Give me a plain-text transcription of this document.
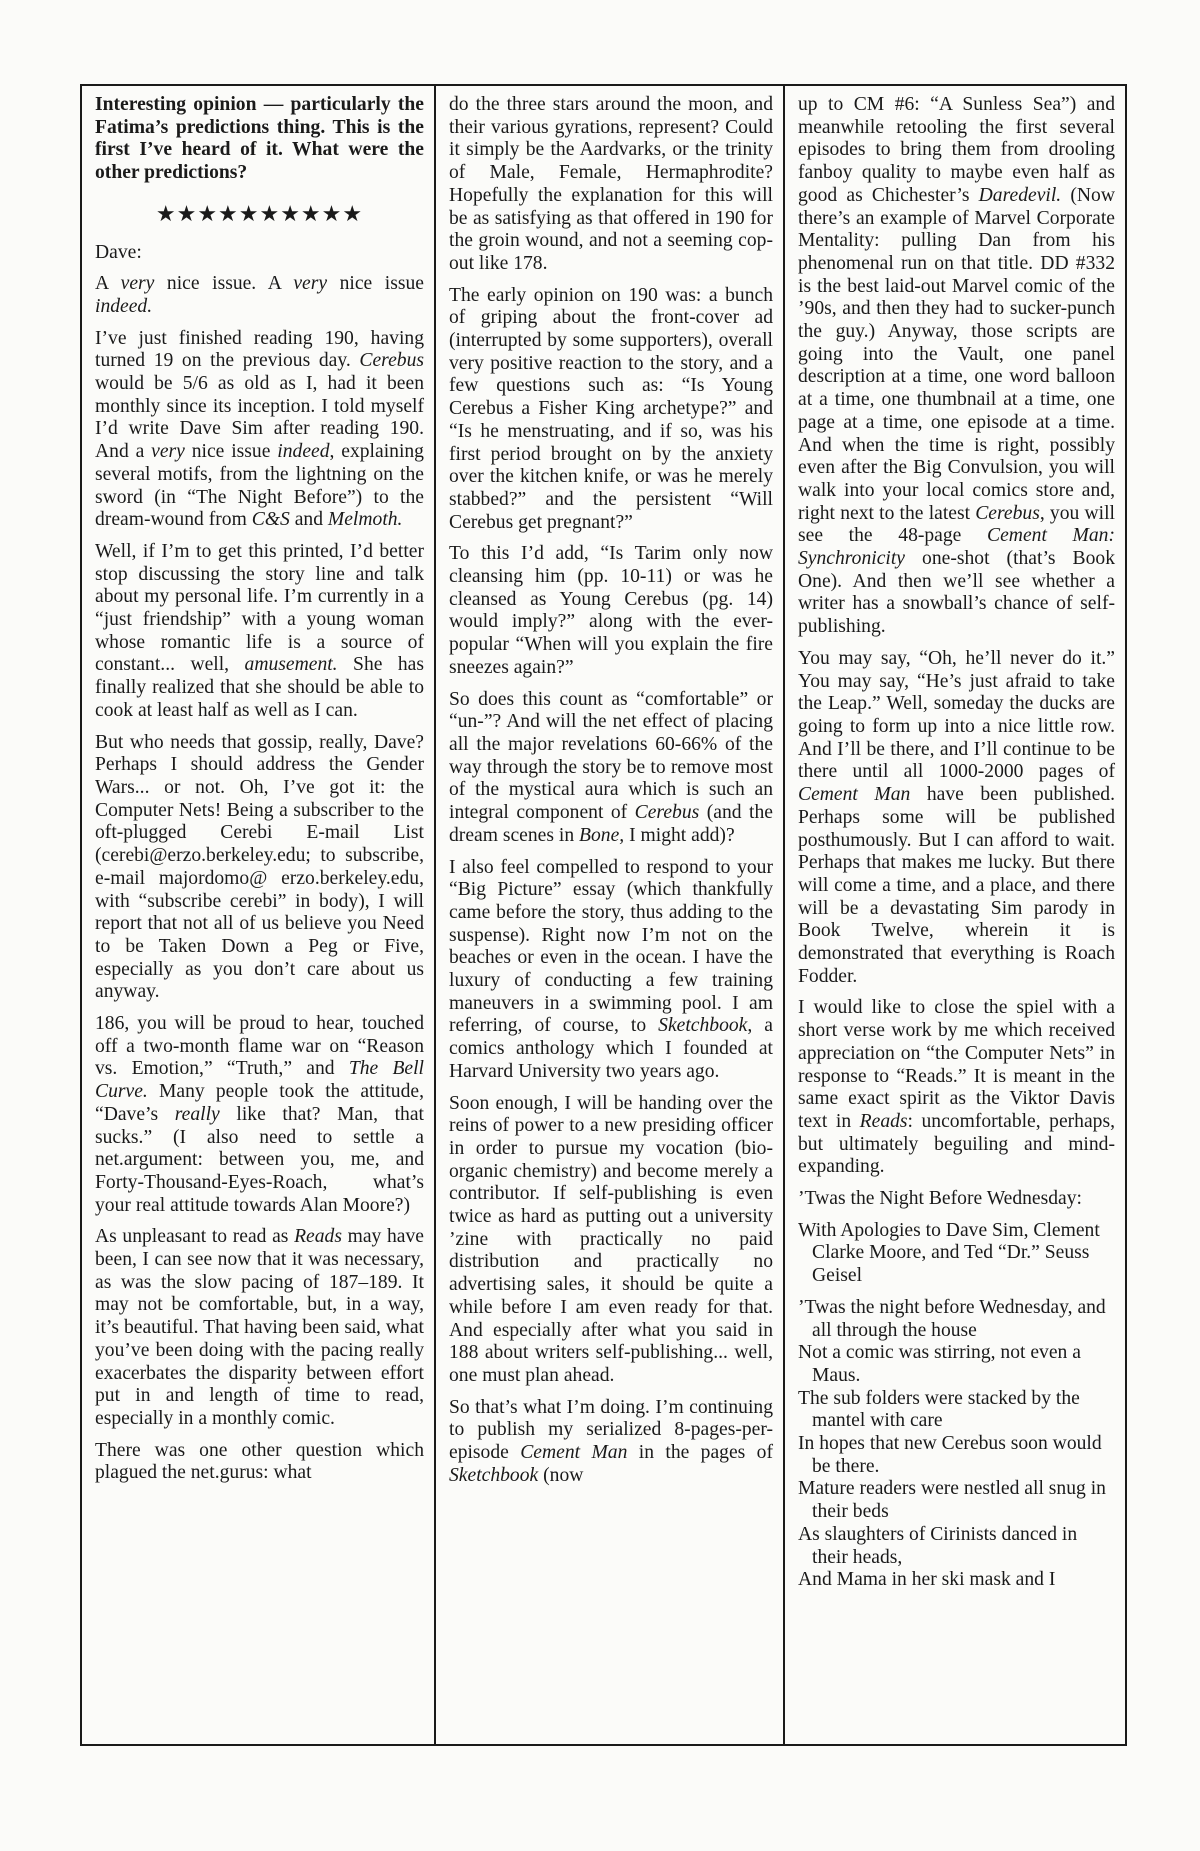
Interesting opinion — particularly the Fatima’s predictions thing. This is the first I’ve heard of it. What were the other predictions?

★★★★★★★★★★

Dave:

A very nice issue. A very nice issue indeed.

I’ve just finished reading 190, having turned 19 on the previous day. Cerebus would be 5/6 as old as I, had it been monthly since its inception. I told myself I’d write Dave Sim after reading 190. And a very nice issue indeed, explaining several motifs, from the lightning on the sword (in “The Night Before”) to the dream-wound from C&S and Melmoth.

Well, if I’m to get this printed, I’d better stop discussing the story line and talk about my personal life. I’m currently in a “just friendship” with a young woman whose romantic life is a source of constant... well, amusement. She has finally realized that she should be able to cook at least half as well as I can.

But who needs that gossip, really, Dave? Perhaps I should address the Gender Wars... or not. Oh, I’ve got it: the Computer Nets! Being a subscriber to the oft-plugged Cerebi E-mail List (cerebi@erzo.berkeley.edu; to subscribe, e-mail majordomo@ erzo.berkeley.edu, with “subscribe cerebi” in body), I will report that not all of us believe you Need to be Taken Down a Peg or Five, especially as you don’t care about us anyway.

186, you will be proud to hear, touched off a two-month flame war on “Reason vs. Emotion,” “Truth,” and The Bell Curve. Many people took the attitude, “Dave’s really like that? Man, that sucks.” (I also need to settle a net.argument: between you, me, and Forty-Thousand-Eyes-Roach, what’s your real attitude towards Alan Moore?)

As unpleasant to read as Reads may have been, I can see now that it was necessary, as was the slow pacing of 187–189. It may not be comfortable, but, in a way, it’s beautiful. That having been said, what you’ve been doing with the pacing really exacerbates the disparity between effort put in and length of time to read, especially in a monthly comic.

There was one other question which plagued the net.gurus: what

do the three stars around the moon, and their various gyrations, represent? Could it simply be the Aardvarks, or the trinity of Male, Female, Hermaphrodite? Hopefully the explanation for this will be as satisfying as that offered in 190 for the groin wound, and not a seeming cop-out like 178.

The early opinion on 190 was: a bunch of griping about the front-cover ad (interrupted by some supporters), overall very positive reaction to the story, and a few questions such as: “Is Young Cerebus a Fisher King archetype?” and “Is he menstruating, and if so, was his first period brought on by the anxiety over the kitchen knife, or was he merely stabbed?” and the persistent “Will Cerebus get pregnant?”

To this I’d add, “Is Tarim only now cleansing him (pp. 10-11) or was he cleansed as Young Cerebus (pg. 14) would imply?” along with the ever-popular “When will you explain the fire sneezes again?”

So does this count as “comfortable” or “un-”? And will the net effect of placing all the major revelations 60-66% of the way through the story be to remove most of the mystical aura which is such an integral component of Cerebus (and the dream scenes in Bone, I might add)?

I also feel compelled to respond to your “Big Picture” essay (which thankfully came before the story, thus adding to the suspense). Right now I’m not on the beaches or even in the ocean. I have the luxury of conducting a few training maneuvers in a swimming pool. I am referring, of course, to Sketchbook, a comics anthology which I founded at Harvard University two years ago.

Soon enough, I will be handing over the reins of power to a new presiding officer in order to pursue my vocation (bio-organic chemistry) and become merely a contributor. If self-publishing is even twice as hard as putting out a university ’zine with practically no paid distribution and practically no advertising sales, it should be quite a while before I am even ready for that. And especially after what you said in 188 about writers self-publishing... well, one must plan ahead.

So that’s what I’m doing. I’m continuing to publish my serialized 8-pages-per-episode Cement Man in the pages of Sketchbook (now

up to CM #6: “A Sunless Sea”) and meanwhile retooling the first several episodes to bring them from drooling fanboy quality to maybe even half as good as Chichester’s Daredevil. (Now there’s an example of Marvel Corporate Mentality: pulling Dan from his phenomenal run on that title. DD #332 is the best laid-out Marvel comic of the ’90s, and then they had to sucker-punch the guy.) Anyway, those scripts are going into the Vault, one panel description at a time, one word balloon at a time, one thumbnail at a time, one page at a time, one episode at a time. And when the time is right, possibly even after the Big Convulsion, you will walk into your local comics store and, right next to the latest Cerebus, you will see the 48-page Cement Man: Synchronicity one-shot (that’s Book One). And then we’ll see whether a writer has a snowball’s chance of self-publishing.

You may say, “Oh, he’ll never do it.” You may say, “He’s just afraid to take the Leap.” Well, someday the ducks are going to form up into a nice little row. And I’ll be there, and I’ll continue to be there until all 1000-2000 pages of Cement Man have been published. Perhaps some will be published posthumously. But I can afford to wait. Perhaps that makes me lucky. But there will come a time, and a place, and there will be a devastating Sim parody in Book Twelve, wherein it is demonstrated that everything is Roach Fodder.

I would like to close the spiel with a short verse work by me which received appreciation on “the Computer Nets” in response to “Reads.” It is meant in the same exact spirit as the Viktor Davis text in Reads: uncomfortable, perhaps, but ultimately beguiling and mind-expanding.

’Twas the Night Before Wednesday:

With Apologies to Dave Sim, Clement Clarke Moore, and Ted “Dr.” Seuss Geisel

’Twas the night before Wednesday, and all through the house

Not a comic was stirring, not even a Maus.

The sub folders were stacked by the mantel with care

In hopes that new Cerebus soon would be there.

Mature readers were nestled all snug in their beds

As slaughters of Cirinists danced in their heads,

And Mama in her ski mask and I
